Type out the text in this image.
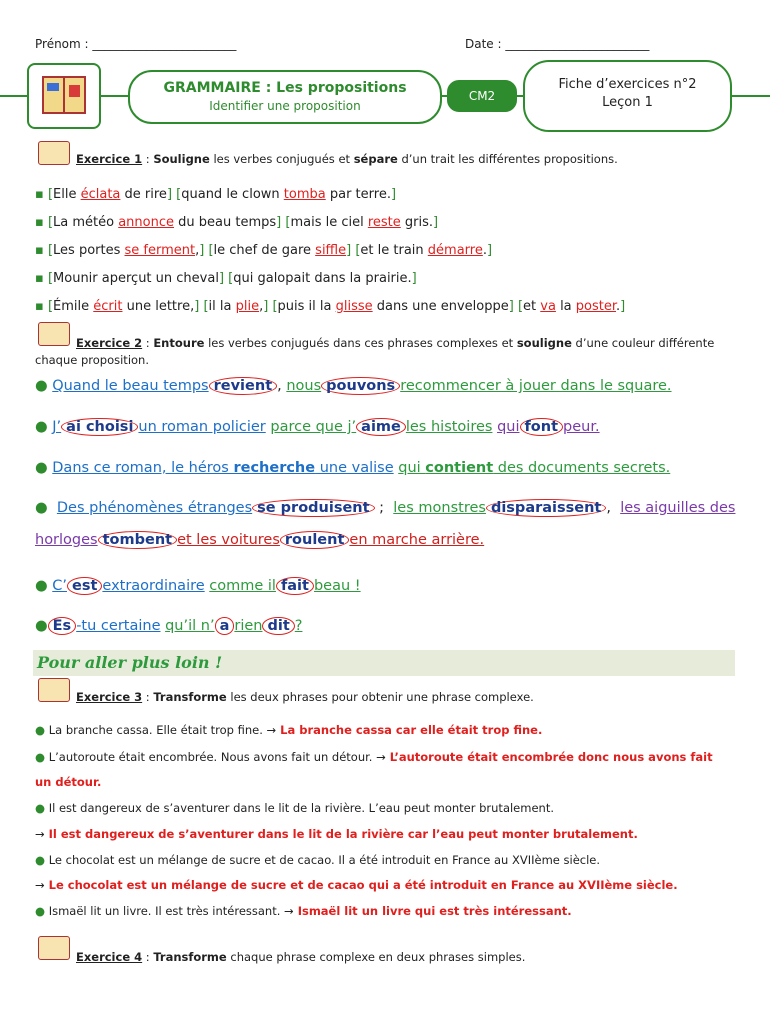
Prénom : ________________________	Date : ________________________
GRAMMAIRE : Les propositions
Identifier une proposition
CM2
Fiche d’exercices n°2
Leçon 1
Exercice 1 : Souligne les verbes conjugués et sépare d’un trait les différentes propositions.
▪ [Elle éclata de rire] [quand le clown tomba par terre.]
▪ [La météo annonce du beau temps] [mais le ciel reste gris.]
▪ [Les portes se ferment,] [le chef de gare siffle] [et le train démarre.]
▪ [Mounir aperçut un cheval] [qui galopait dans la prairie.]
▪ [Émile écrit une lettre,] [il la plie,] [puis il la glisse dans une enveloppe] [et va la poster.]
Exercice 2 : Entoure les verbes conjugués dans ces phrases complexes et souligne d’une couleur différente
chaque proposition.
● Quand le beau temps revient , nous pouvons recommencer à jouer dans le square.
● J’ ai choisi un roman policier parce que j’ aime les histoires qui font peur.
● Dans ce roman, le héros recherche une valise qui contient des documents secrets.
● Des phénomènes étranges se produisent ;  les monstres disparaissent ,  les aiguilles des
horloges tombent et les voitures roulent en marche arrière.
● C’ est extraordinaire comme il fait beau !
● Es -tu certaine qu’il n’ a rien dit ?
Pour aller plus loin !
Exercice 3 : Transforme les deux phrases pour obtenir une phrase complexe.
● La branche cassa. Elle était trop fine. → La branche cassa car elle était trop fine.
● L’autoroute était encombrée. Nous avons fait un détour. → L’autoroute était encombrée donc nous avons fait
un détour.
● Il est dangereux de s’aventurer dans le lit de la rivière. L’eau peut monter brutalement.
→ Il est dangereux de s’aventurer dans le lit de la rivière car l’eau peut monter brutalement.
● Le chocolat est un mélange de sucre et de cacao. Il a été introduit en France au XVIIème siècle.
→ Le chocolat est un mélange de sucre et de cacao qui a été introduit en France au XVIIème siècle.
● Ismaël lit un livre. Il est très intéressant. → Ismaël lit un livre qui est très intéressant.
Exercice 4 : Transforme chaque phrase complexe en deux phrases simples.
